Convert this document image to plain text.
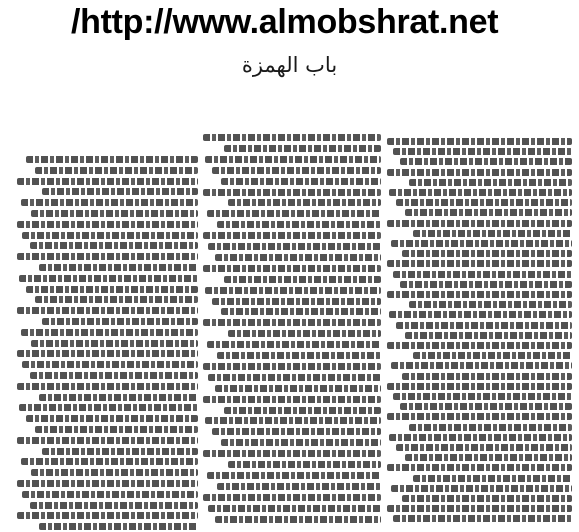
/http://www.almobshrat.net
باب الهمزة
